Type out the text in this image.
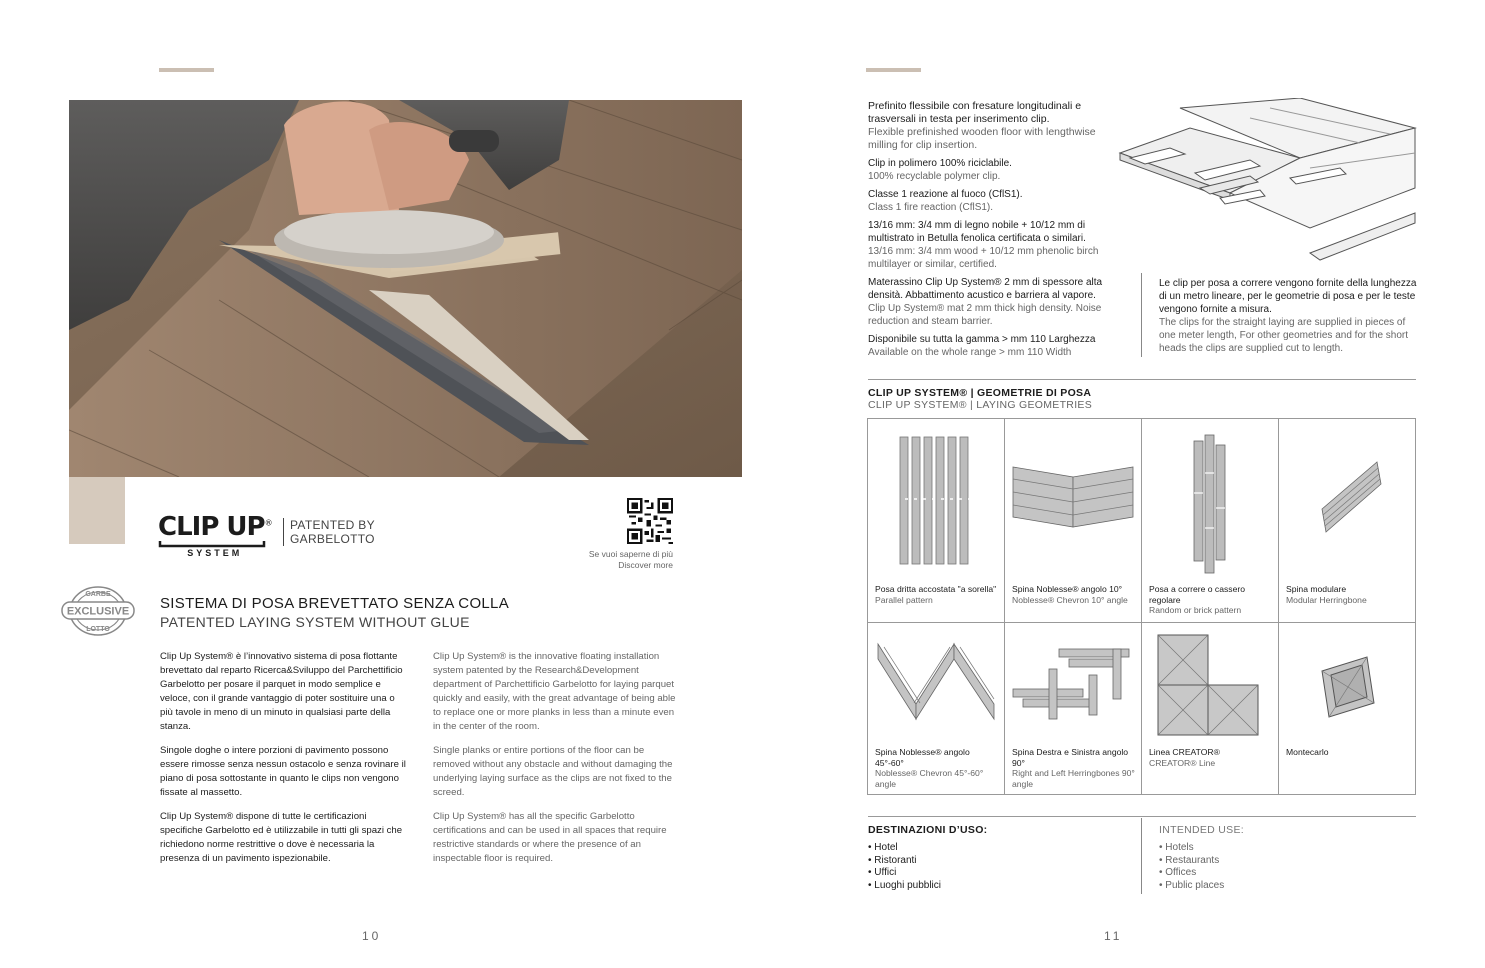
CLIP UP®
SYSTEM
PATENTED BY
GARBELOTTO
Se vuoi saperne di più
Discover more
GARBE
EXCLUSIVE
LOTTO
SISTEMA DI POSA BREVETTATO SENZA COLLA
PATENTED LAYING SYSTEM WITHOUT GLUE

Clip Up System® è l’innovativo sistema di posa flottante brevettato dal reparto Ricerca&Sviluppo del Parchettificio Garbelotto per posare il parquet in modo semplice e veloce, con il grande vantaggio di poter sostituire una o più tavole in meno di un minuto in qualsiasi parte della stanza.

Singole doghe o intere porzioni di pavimento possono essere rimosse senza nessun ostacolo e senza rovinare il piano di posa sottostante in quanto le clips non vengono fissate al massetto.

Clip Up System® dispone di tutte le certificazioni specifiche Garbelotto ed è utilizzabile in tutti gli spazi che richiedono norme restrittive o dove è necessaria la presenza di un pavimento ispezionabile.

Clip Up System® is the innovative floating installation system patented by the Research&Development department of Parchettificio Garbelotto for laying parquet quickly and easily, with the great advantage of being able to replace one or more planks in less than a minute even in the center of the room.

Single planks or entire portions of the floor can be removed without any obstacle and without damaging the underlying laying surface as the clips are not fixed to the screed.

Clip Up System® has all the specific Garbelotto certifications and can be used in all spaces that require restrictive standards or where the presence of an inspectable floor is required.

10
Prefinito flessibile con fresature longitudinali e trasversali in testa per inserimento clip.
Flexible prefinished wooden floor with lengthwise milling for clip insertion.
Clip in polimero 100% riciclabile.
100% recyclable polymer clip.
Classe 1 reazione al fuoco (CflS1).
Class 1 fire reaction (CflS1).
13/16 mm: 3/4 mm di legno nobile + 10/12 mm di multistrato in Betulla fenolica certificata o similari.
13/16 mm: 3/4 mm wood + 10/12 mm phenolic birch multilayer or similar, certified.
Materassino Clip Up System® 2 mm di spessore alta densità. Abbattimento acustico e barriera al vapore.
Clip Up System® mat 2 mm thick high density. Noise reduction and steam barrier.
Disponibile su tutta la gamma > mm 110 Larghezza
Available on the whole range > mm 110 Width
Le clip per posa a correre vengono fornite della lunghezza di un metro lineare, per le geometrie di posa e per le teste vengono fornite a misura.
The clips for the straight laying are supplied in pieces of one meter length, For other geometries and for the short heads the clips are supplied cut to length.
CLIP UP SYSTEM® | GEOMETRIE DI POSA
CLIP UP SYSTEM® | LAYING GEOMETRIES
Posa dritta accostata "a sorella"
Parallel pattern
Spina Noblesse® angolo 10°
Noblesse® Chevron 10° angle
Posa a correre o cassero regolare
Random or brick pattern
Spina modulare
Modular Herringbone
Spina Noblesse® angolo 45°-60°
Noblesse® Chevron 45°-60° angle
Spina Destra e Sinistra angolo 90°
Right and Left Herringbones 90° angle
Linea CREATOR®
CREATOR® Line
Montecarlo
DESTINAZIONI D’USO:
• Hotel
• Ristoranti
• Uffici
• Luoghi pubblici
INTENDED USE:
• Hotels
• Restaurants
• Offices
• Public places
11
